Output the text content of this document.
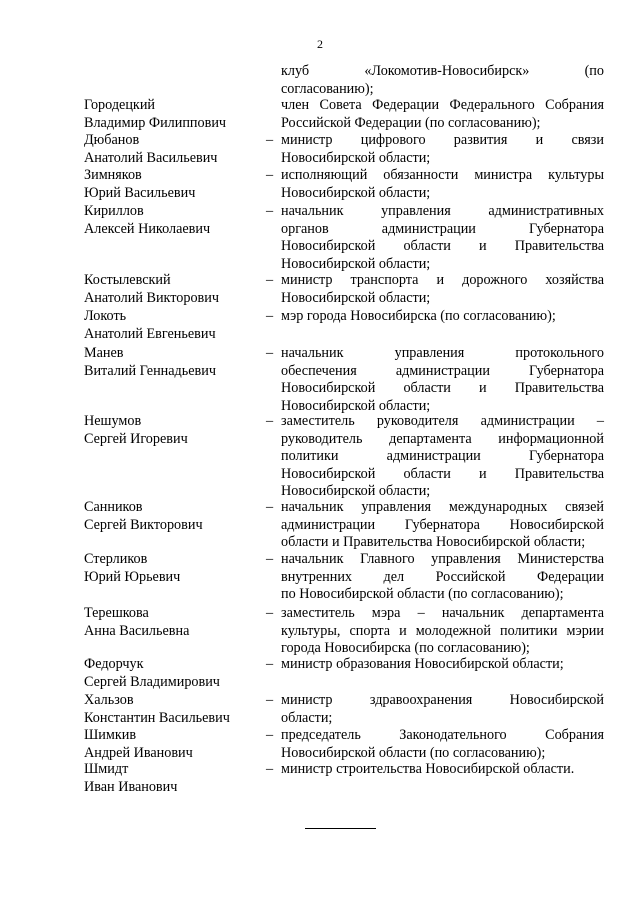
2
клуб «Локомотив-Новосибирск» (по
согласованию);
Городецкий
Владимир Филиппович
член Совета Федерации Федерального Собрания
Российской Федерации (по согласованию);
Дюбанов
Анатолий Васильевич
– министр цифрового развития и связи
Новосибирской области;
Зимняков
Юрий Васильевич
– исполняющий обязанности министра культуры
Новосибирской области;
Кириллов
Алексей Николаевич
– начальник управления административных
органов администрации Губернатора
Новосибирской области и Правительства
Новосибирской области;
Костылевский
Анатолий Викторович
– министр транспорта и дорожного хозяйства
Новосибирской области;
Локоть
Анатолий Евгеньевич
– мэр города Новосибирска (по согласованию);
Манев
Виталий Геннадьевич
– начальник управления протокольного
обеспечения администрации Губернатора
Новосибирской области и Правительства
Новосибирской области;
Нешумов
Сергей Игоревич
– заместитель руководителя администрации –
руководитель департамента информационной
политики администрации Губернатора
Новосибирской области и Правительства
Новосибирской области;
Санников
Сергей Викторович
– начальник управления международных связей
администрации Губернатора Новосибирской
области и Правительства Новосибирской области;
Стерликов
Юрий Юрьевич
– начальник Главного управления Министерства
внутренних дел Российской Федерации
по Новосибирской области (по согласованию);
Терешкова
Анна Васильевна
– заместитель мэра – начальник департамента
культуры, спорта и молодежной политики мэрии
города Новосибирска (по согласованию);
Федорчук
Сергей Владимирович
– министр образования Новосибирской области;
Хальзов
Константин Васильевич
– министр здравоохранения Новосибирской
области;
Шимкив
Андрей Иванович
– председатель Законодательного Собрания
Новосибирской области (по согласованию);
Шмидт
Иван Иванович
– министр строительства Новосибирской области.
